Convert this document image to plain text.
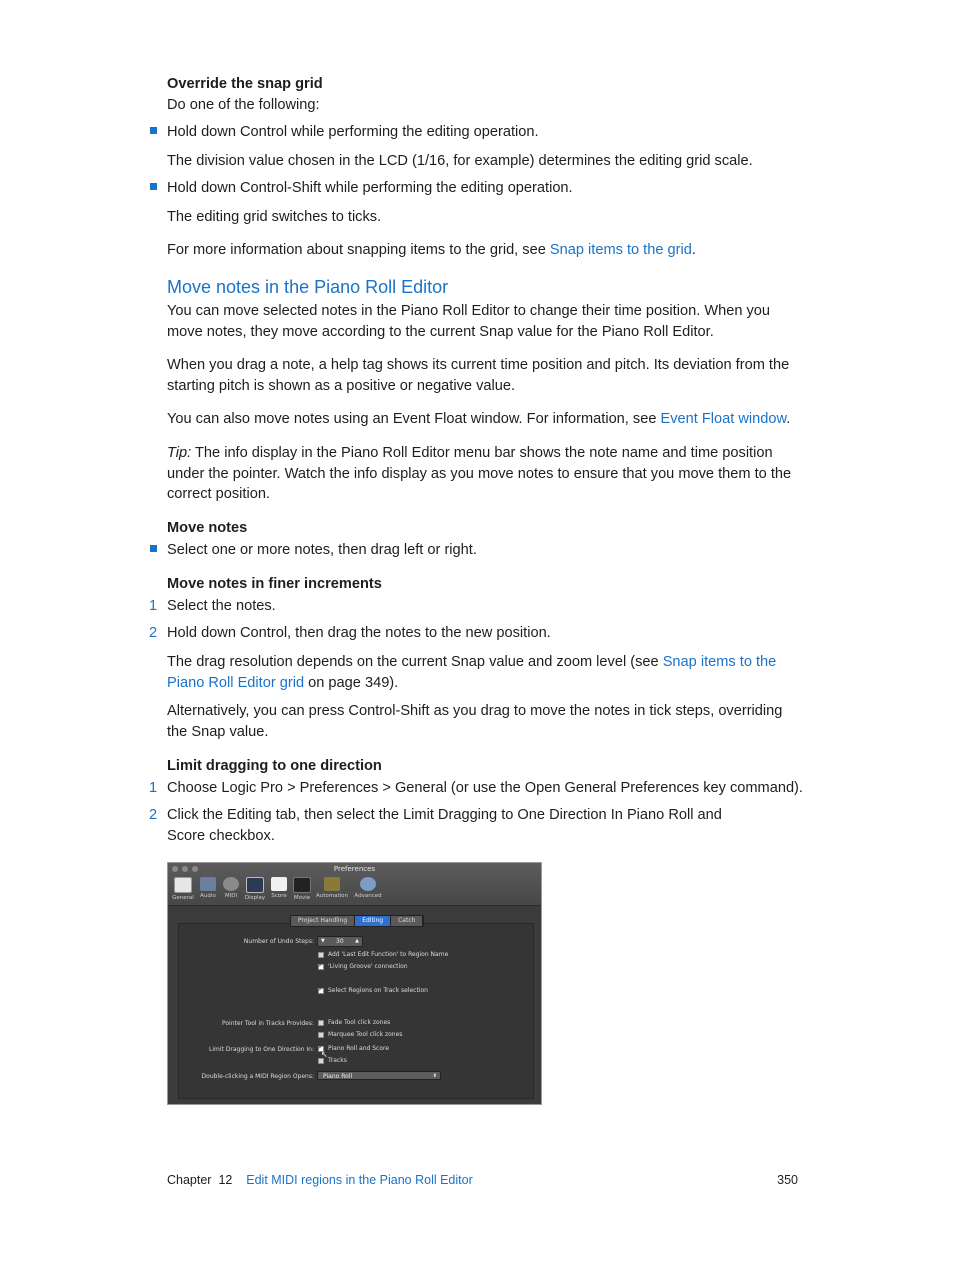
Override the snap grid
Do one of the following:
Hold down Control while performing the editing operation.
The division value chosen in the LCD (1/16, for example) determines the editing grid scale.
Hold down Control-Shift while performing the editing operation.
The editing grid switches to ticks.
For more information about snapping items to the grid, see Snap items to the grid.
Move notes in the Piano Roll Editor

You can move selected notes in the Piano Roll Editor to change their time position. When you move notes, they move according to the current Snap value for the Piano Roll Editor.

When you drag a note, a help tag shows its current time position and pitch. Its deviation from the starting pitch is shown as a positive or negative value.

You can also move notes using an Event Float window. For information, see Event Float window.

Tip: The info display in the Piano Roll Editor menu bar shows the note name and time position under the pointer. Watch the info display as you move notes to ensure that you move them to the correct position.

Move notes
Select one or more notes, then drag left or right.
Move notes in finer increments
1 Select the notes.
2 Hold down Control, then drag the notes to the new position.

The drag resolution depends on the current Snap value and zoom level (see Snap items to the Piano Roll Editor grid on page 349).

Alternatively, you can press Control-Shift as you drag to move the notes in tick steps, overriding the Snap value.

Limit dragging to one direction
1 Choose Logic Pro > Preferences > General (or use the Open General Preferences key command).
2 Click the Editing tab, then select the Limit Dragging to One Direction In Piano Roll and Score checkbox.

Preferences
General	Audio	MIDI	Display	Score	Movie	Automation	Advanced
Project Handling	Editing	Catch
Number of Undo Steps: ▼ 30 ▲
Add 'Last Edit Function' to Region Name
✓
'Living Groove' connection
✓
Select Regions on Track selection
Pointer Tool in Tracks Provides: Fade Tool click zones
Marquee Tool click zones
Limit Dragging to One Direction In:
✓ Piano Roll and Score
Tracks
↖
Double-clicking a MIDI Region Opens:	Piano Roll	⬍
Chapter 12 Edit MIDI regions in the Piano Roll Editor	350
